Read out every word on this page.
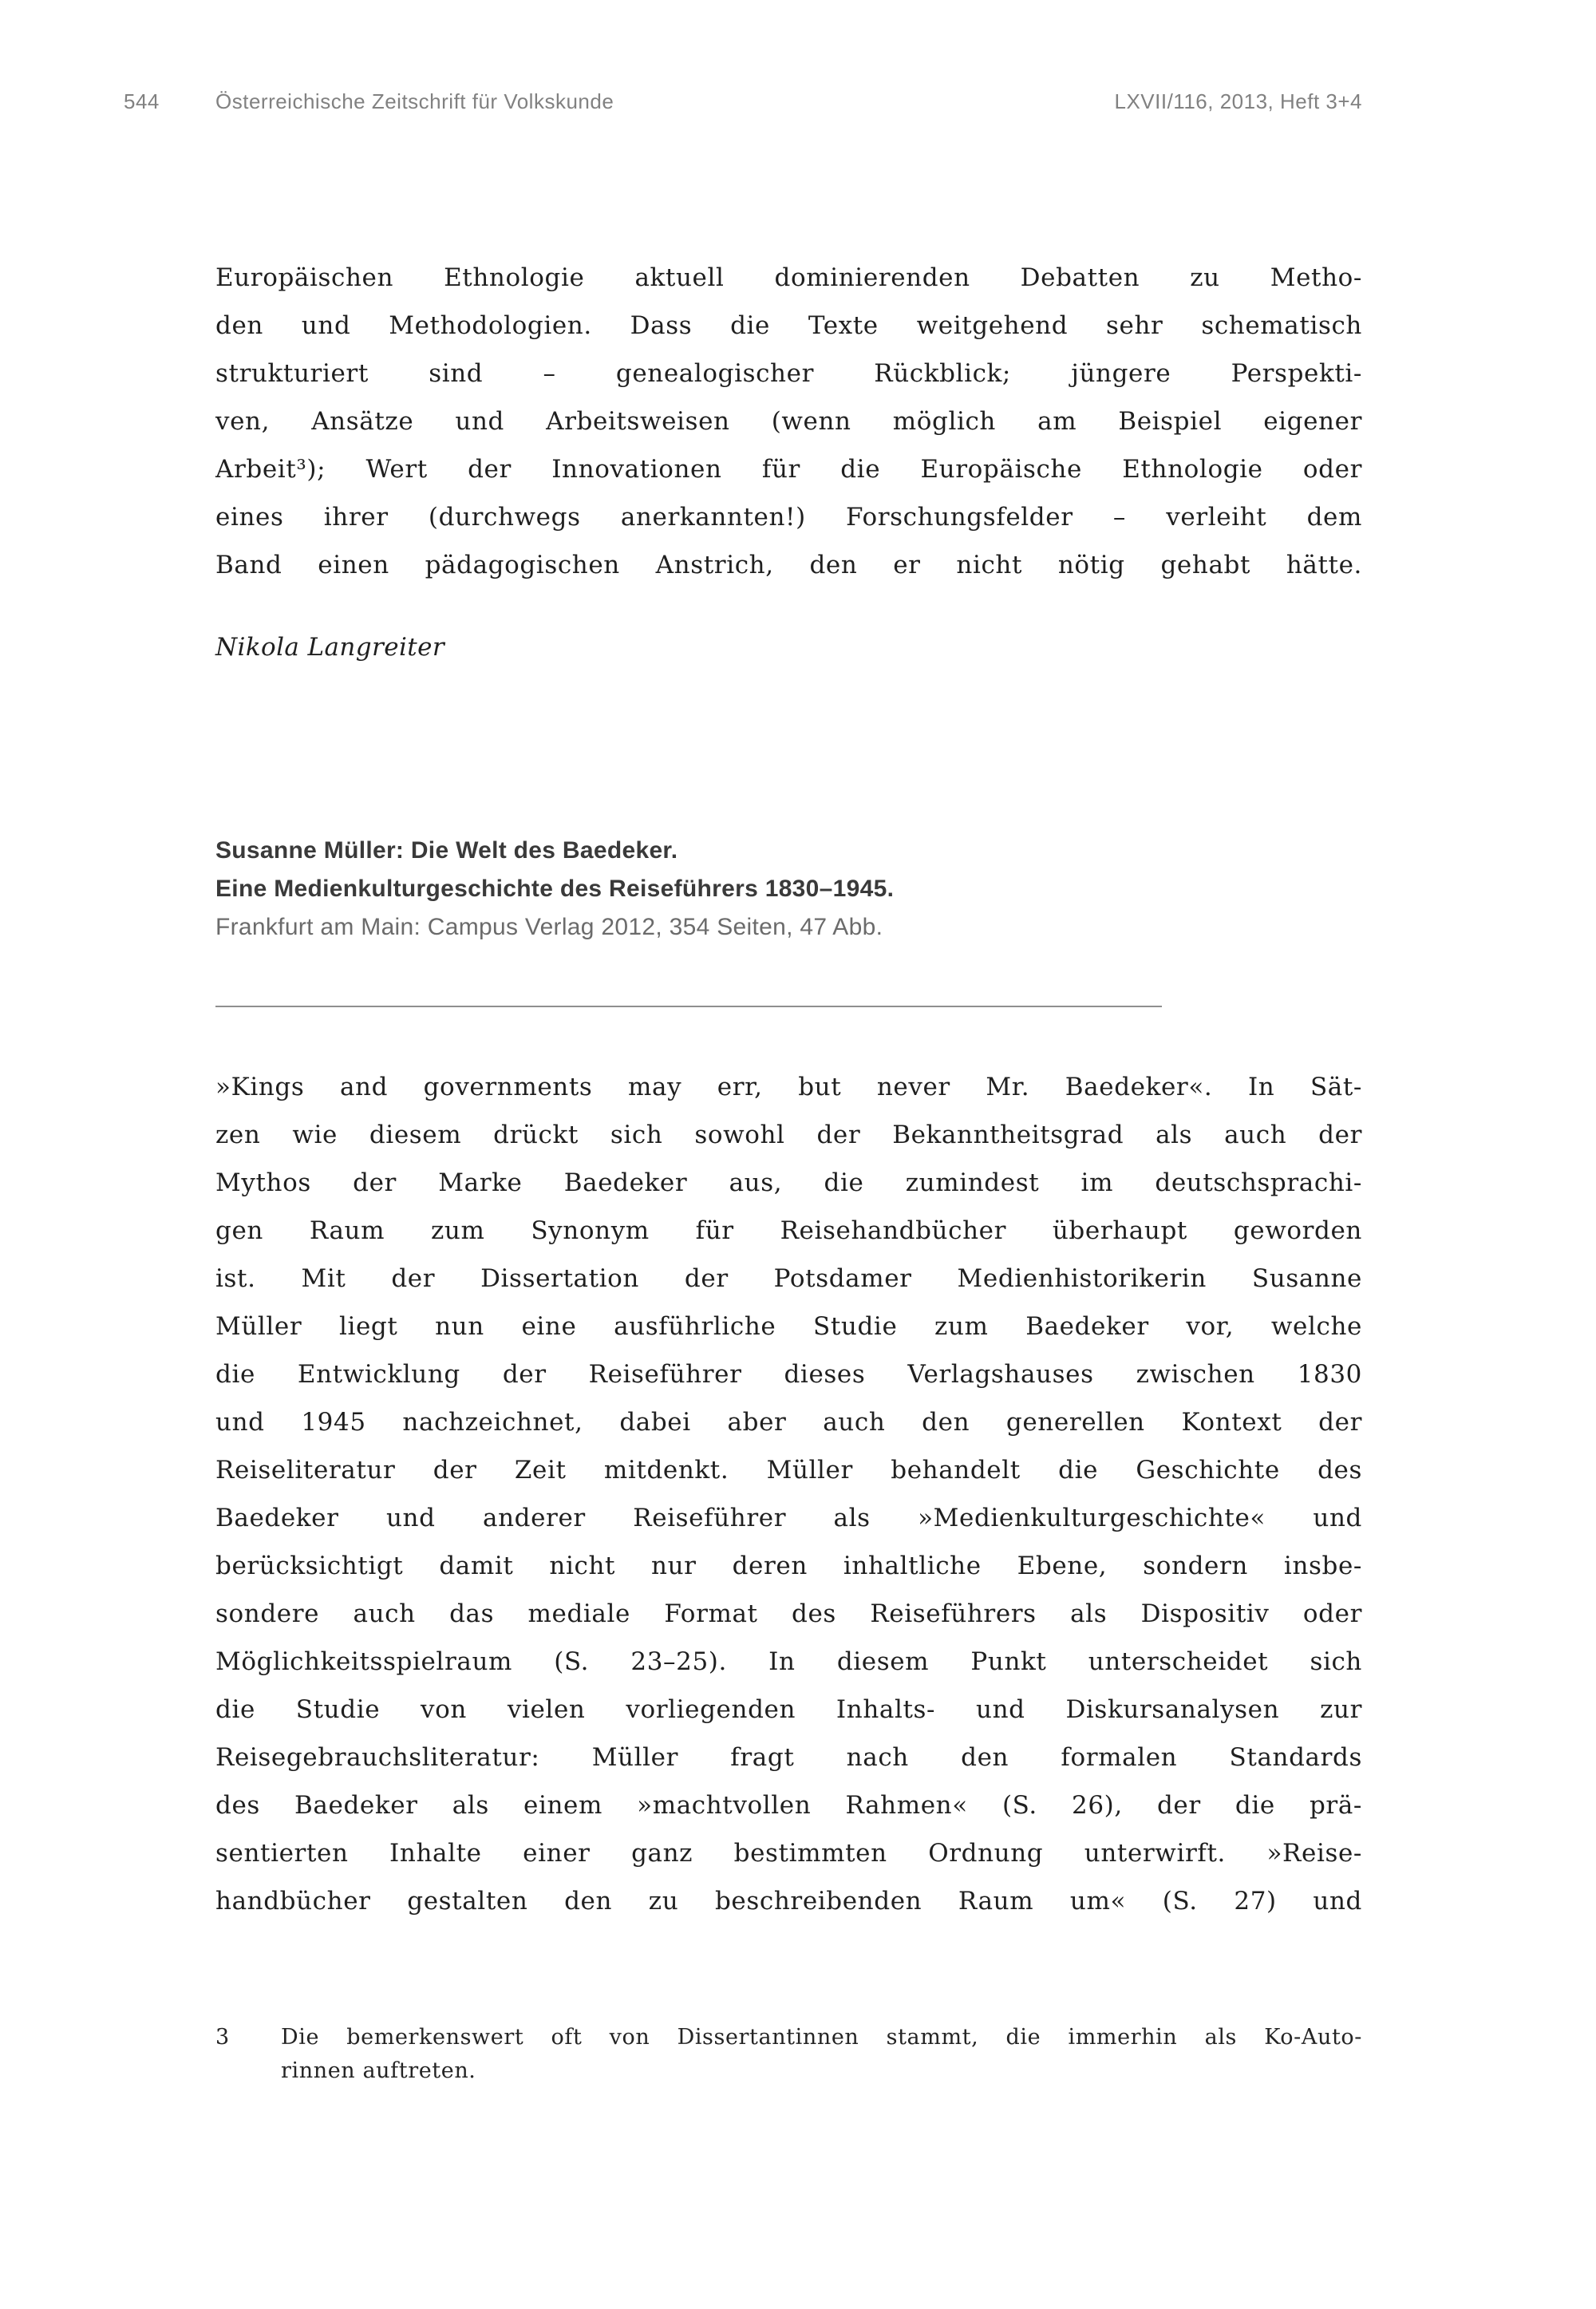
544	Österreichische Zeitschrift für Volkskunde	LXVII/116, 2013, Heft 3+4
Europäischen Ethnologie aktuell dominierenden Debatten zu Metho-
den und Methodologien. Dass die Texte weitgehend sehr schematisch
strukturiert sind – genealogischer Rückblick; jüngere Perspekti-
ven, Ansätze und Arbeitsweisen (wenn möglich am Beispiel eigener
Arbeit³); Wert der Innovationen für die Europäische Ethnologie oder
eines ihrer (durchwegs anerkannten!) Forschungsfelder – verleiht dem
Band einen pädagogischen Anstrich, den er nicht nötig gehabt hätte.

Nikola Langreiter

Susanne Müller: Die Welt des Baedeker.
Eine Medienkulturgeschichte des Reiseführers 1830–1945.
Frankfurt am Main: Campus Verlag 2012, 354 Seiten, 47 Abb.
»Kings and governments may err, but never Mr. Baedeker«. In Sät-
zen wie diesem drückt sich sowohl der Bekanntheitsgrad als auch der
Mythos der Marke Baedeker aus, die zumindest im deutschsprachi-
gen Raum zum Synonym für Reisehandbücher überhaupt geworden
ist. Mit der Dissertation der Potsdamer Medienhistorikerin Susanne
Müller liegt nun eine ausführliche Studie zum Baedeker vor, welche
die Entwicklung der Reiseführer dieses Verlagshauses zwischen 1830
und 1945 nachzeichnet, dabei aber auch den generellen Kontext der
Reiseliteratur der Zeit mitdenkt. Müller behandelt die Geschichte des
Baedeker und anderer Reiseführer als »Medienkulturgeschichte« und
berücksichtigt damit nicht nur deren inhaltliche Ebene, sondern insbe-
sondere auch das mediale Format des Reiseführers als Dispositiv oder
Möglichkeitsspielraum (S. 23–25). In diesem Punkt unterscheidet sich
die Studie von vielen vorliegenden Inhalts- und Diskursanalysen zur
Reisegebrauchsliteratur: Müller fragt nach den formalen Standards
des Baedeker als einem »machtvollen Rahmen« (S. 26), der die prä-
sentierten Inhalte einer ganz bestimmten Ordnung unterwirft. »Reise-
handbücher gestalten den zu beschreibenden Raum um« (S. 27) und
3	Die bemerkenswert oft von Dissertantinnen stammt, die immerhin als Ko-Auto-
rinnen auftreten.
